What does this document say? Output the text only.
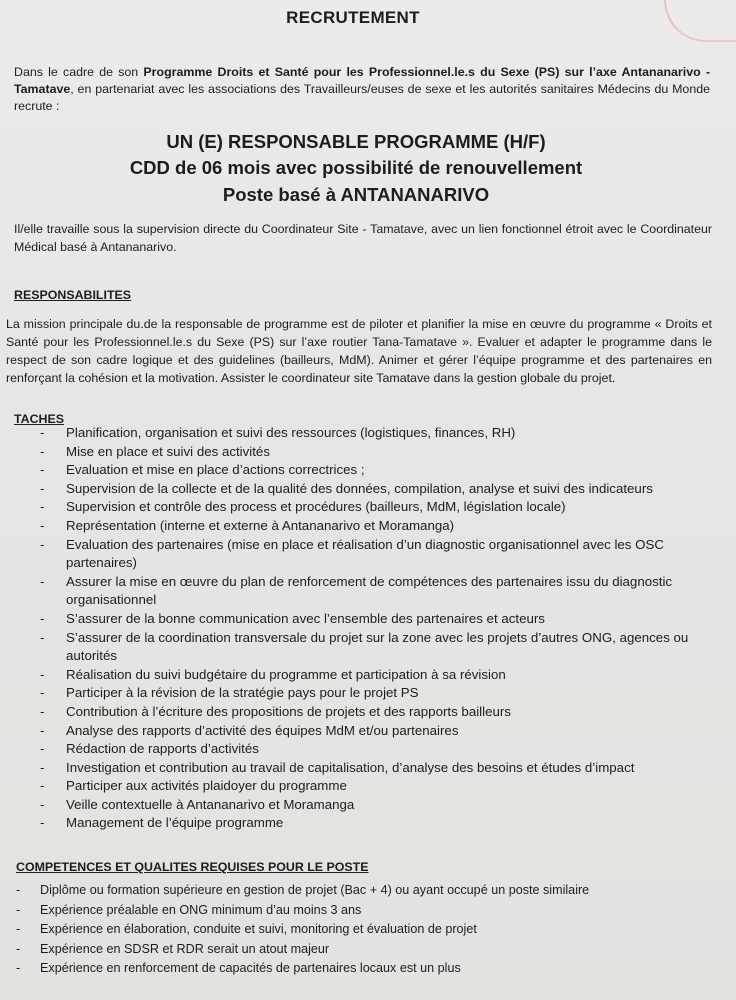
RECRUTEMENT
Dans le cadre de son Programme Droits et Santé pour les Professionnel.le.s du Sexe (PS) sur l’axe Antananarivo - Tamatave, en partenariat avec les associations des Travailleurs/euses de sexe et les autorités sanitaires Médecins du Monde recrute :
UN (E) RESPONSABLE PROGRAMME (H/F)
CDD de 06 mois avec possibilité de renouvellement
Poste basé à ANTANANARIVO
Il/elle travaille sous la supervision directe du Coordinateur Site - Tamatave, avec un lien fonctionnel étroit avec le Coordinateur Médical basé à Antananarivo.
RESPONSABILITES
La mission principale du.de la responsable de programme est de piloter et planifier la mise en œuvre du programme « Droits et Santé pour les Professionnel.le.s du Sexe (PS) sur l’axe routier Tana-Tamatave ». Evaluer et adapter le programme dans le respect de son cadre logique et des guidelines (bailleurs, MdM). Animer et gérer l’équipe programme et des partenaires en renforçant la cohésion et la motivation. Assister le coordinateur site Tamatave dans la gestion globale du projet.
TACHES
- Planification, organisation et suivi des ressources (logistiques, finances, RH)
- Mise en place et suivi des activités
- Evaluation et mise en place d’actions correctrices ;
- Supervision de la collecte et de la qualité des données, compilation, analyse et suivi des indicateurs
- Supervision et contrôle des process et procédures (bailleurs, MdM, législation locale)
- Représentation (interne et externe à Antananarivo et Moramanga)
- Evaluation des partenaires (mise en place et réalisation d’un diagnostic organisationnel avec les OSC partenaires)
- Assurer la mise en œuvre du plan de renforcement de compétences des partenaires issu du diagnostic organisationnel
- S’assurer de la bonne communication avec l’ensemble des partenaires et acteurs
- S’assurer de la coordination transversale du projet sur la zone avec les projets d’autres ONG, agences ou autorités
- Réalisation du suivi budgétaire du programme et participation à sa révision
- Participer à la révision de la stratégie pays pour le projet PS
- Contribution à l’écriture des propositions de projets et des rapports bailleurs
- Analyse des rapports d’activité des équipes MdM et/ou partenaires
- Rédaction de rapports d’activités
- Investigation et contribution au travail de capitalisation, d’analyse des besoins et études d’impact
- Participer aux activités plaidoyer du programme
- Veille contextuelle à Antananarivo et Moramanga
- Management de l’équipe programme
COMPETENCES ET QUALITES REQUISES POUR LE POSTE
- Diplôme ou formation supérieure en gestion de projet (Bac + 4) ou ayant occupé un poste similaire
- Expérience préalable en ONG minimum d’au moins 3 ans
- Expérience en élaboration, conduite et suivi, monitoring et évaluation de projet
- Expérience en SDSR et RDR serait un atout majeur
- Expérience en renforcement de capacités de partenaires locaux est un plus
